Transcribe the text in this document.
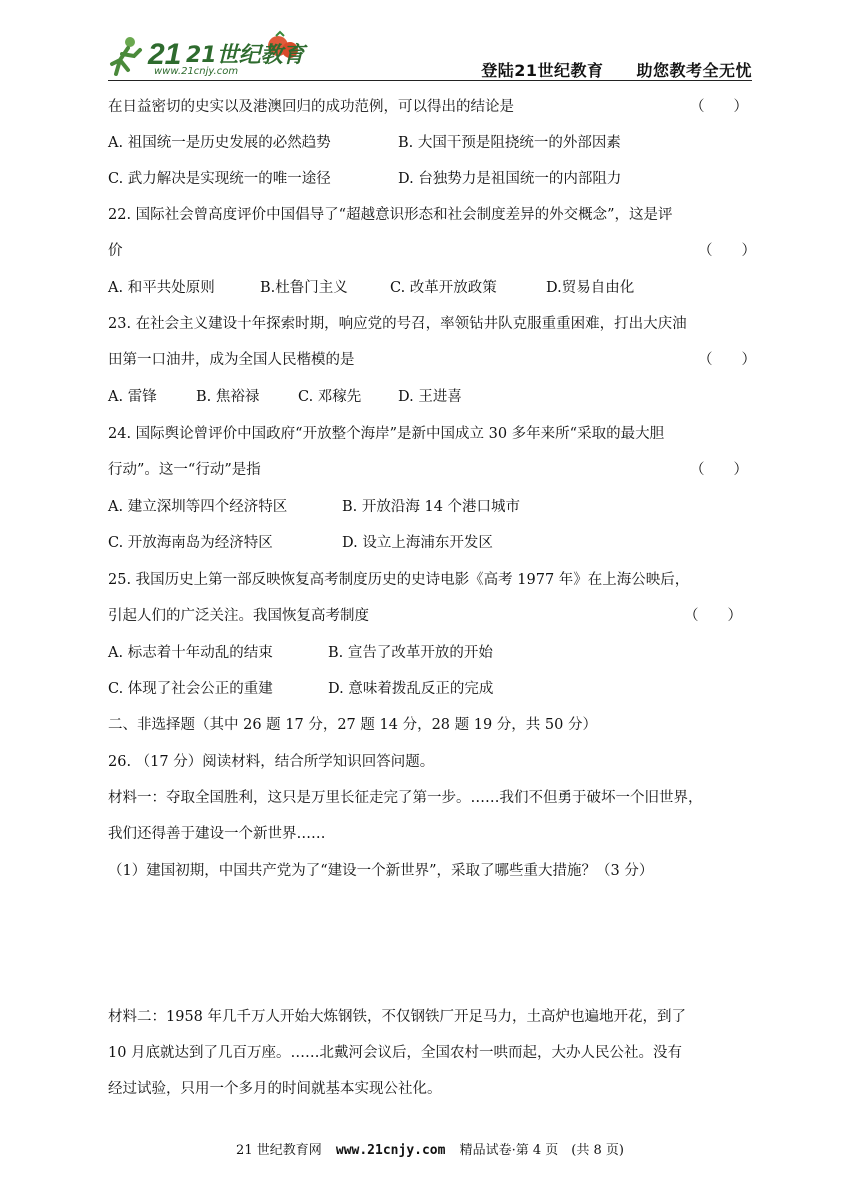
21 21世纪教育
www.21cnjy.com	登陆21世纪教育　　助您教考全无忧
在日益密切的史实以及港澳回归的成功范例，可以得出的结论是	（　　）
A. 祖国统一是历史发展的必然趋势	B. 大国干预是阻挠统一的外部因素
C. 武力解决是实现统一的唯一途径	D. 台独势力是祖国统一的内部阻力
22. 国际社会曾高度评价中国倡导了“超越意识形态和社会制度差异的外交概念”，这是评
价	（　　）
A. 和平共处原则	B.杜鲁门主义	C. 改革开放政策	D.贸易自由化
23. 在社会主义建设十年探索时期，响应党的号召，率领钻井队克服重重困难，打出大庆油
田第一口油井，成为全国人民楷模的是	（　　）
A. 雷锋	B. 焦裕禄	C. 邓稼先	D. 王进喜
24. 国际舆论曾评价中国政府“开放整个海岸”是新中国成立 30 多年来所“采取的最大胆
行动”。这一“行动”是指	（　　）
A. 建立深圳等四个经济特区	B. 开放沿海 14 个港口城市
C. 开放海南岛为经济特区	D. 设立上海浦东开发区
25. 我国历史上第一部反映恢复高考制度历史的史诗电影《高考 1977 年》在上海公映后，
引起人们的广泛关注。我国恢复高考制度	（　　）
A. 标志着十年动乱的结束	B. 宣告了改革开放的开始
C. 体现了社会公正的重建	D. 意味着拨乱反正的完成
二、非选择题（其中 26 题 17 分，27 题 14 分，28 题 19 分，共 50 分）
26. （17 分）阅读材料，结合所学知识回答问题。
材料一：夺取全国胜利，这只是万里长征走完了第一步。……我们不但勇于破坏一个旧世界，
我们还得善于建设一个新世界……
（1）建国初期，中国共产党为了“建设一个新世界”，采取了哪些重大措施？（3 分）
材料二：1958 年几千万人开始大炼钢铁，不仅钢铁厂开足马力，土高炉也遍地开花，到了
10 月底就达到了几百万座。……北戴河会议后，全国农村一哄而起，大办人民公社。没有
经过试验，只用一个多月的时间就基本实现公社化。
21 世纪教育网 www.21cnjy.com 精品试卷·第 4 页　(共 8 页)
